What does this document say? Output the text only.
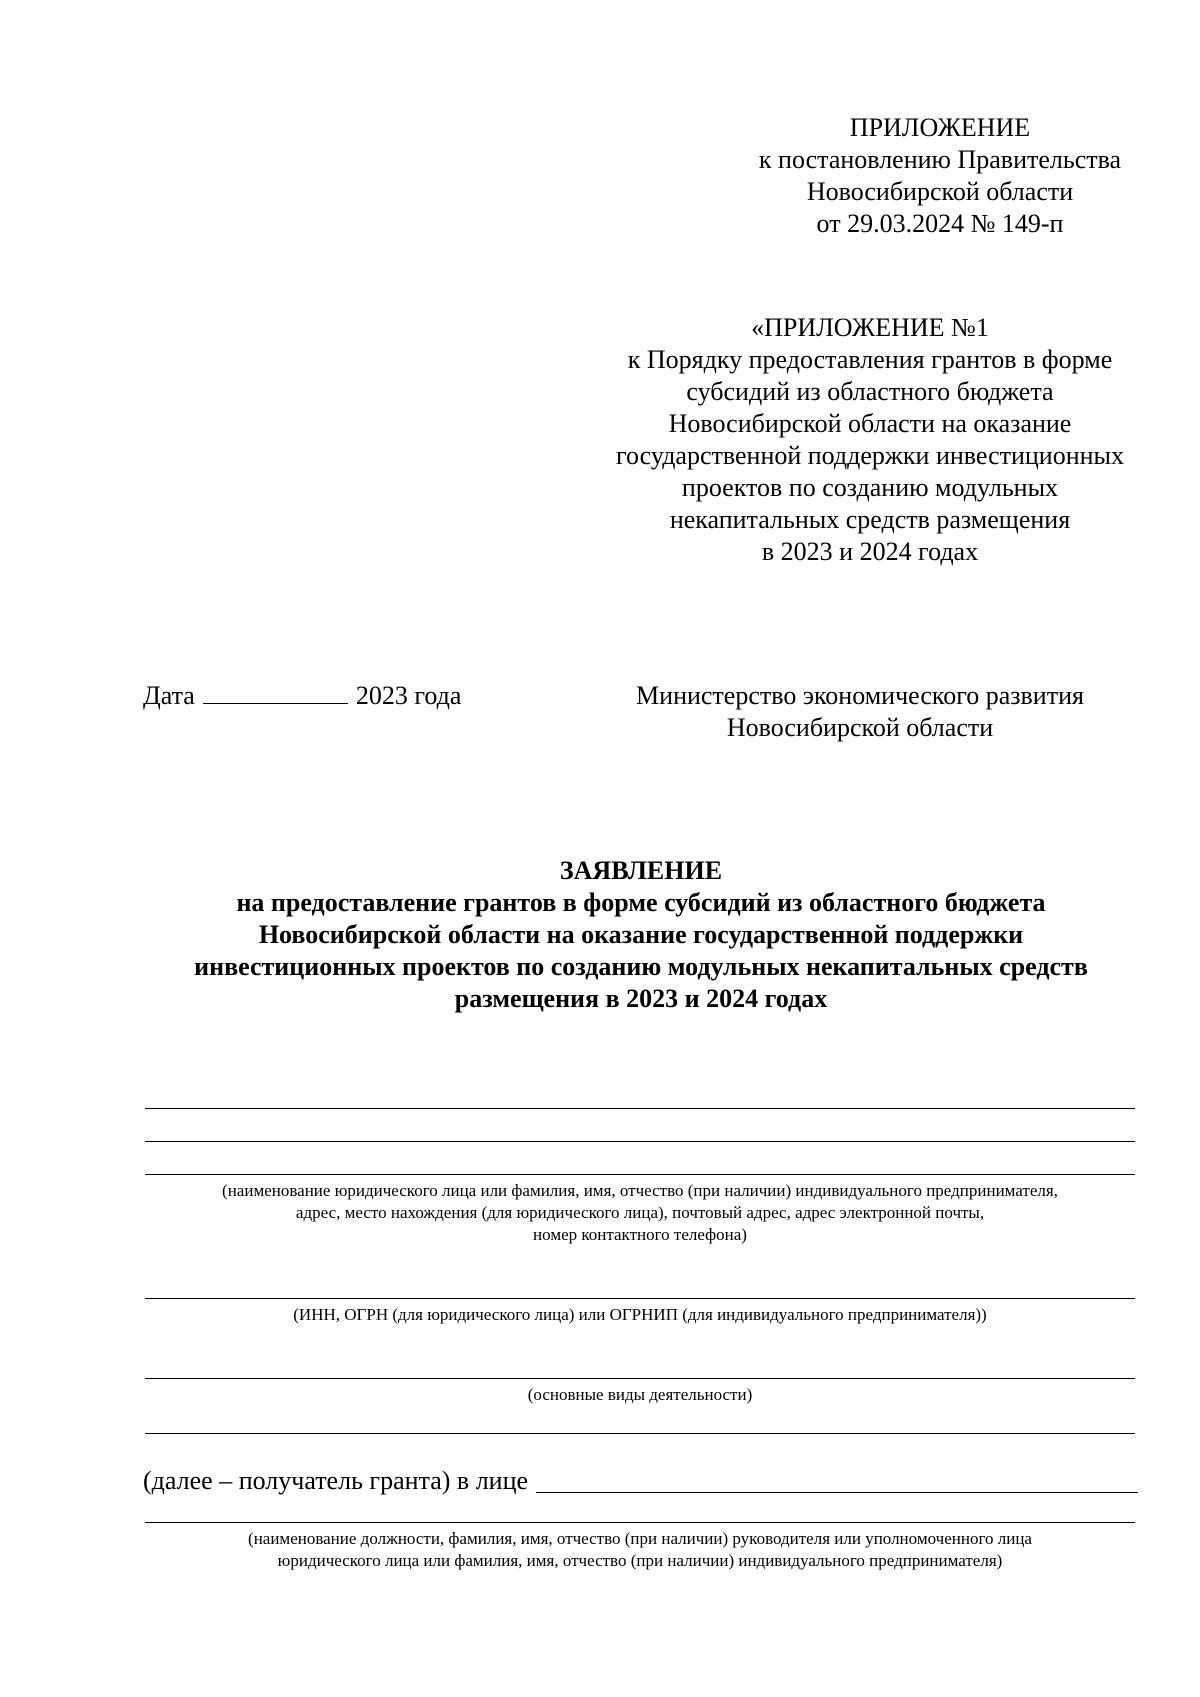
ПРИЛОЖЕНИЕ
к постановлению Правительства
Новосибирской области
от 29.03.2024 № 149-п
«ПРИЛОЖЕНИЕ №1
к Порядку предоставления грантов в форме
субсидий из областного бюджета
Новосибирской области на оказание
государственной поддержки инвестиционных
проектов по созданию модульных
некапитальных средств размещения
в 2023 и 2024 годах
Дата	2023 года	Министерство экономического развития
Новосибирской области
ЗАЯВЛЕНИЕ
на предоставление грантов в форме субсидий из областного бюджета
Новосибирской области на оказание государственной поддержки
инвестиционных проектов по созданию модульных некапитальных средств
размещения в 2023 и 2024 годах
(наименование юридического лица или фамилия, имя, отчество (при наличии) индивидуального предпринимателя,
адрес, место нахождения (для юридического лица), почтовый адрес, адрес электронной почты,
номер контактного телефона)
(ИНН, ОГРН (для юридического лица) или ОГРНИП (для индивидуального предпринимателя))
(основные виды деятельности)
(далее – получатель гранта) в лице
(наименование должности, фамилия, имя, отчество (при наличии) руководителя или уполномоченного лица
юридического лица или фамилия, имя, отчество (при наличии) индивидуального предпринимателя)
